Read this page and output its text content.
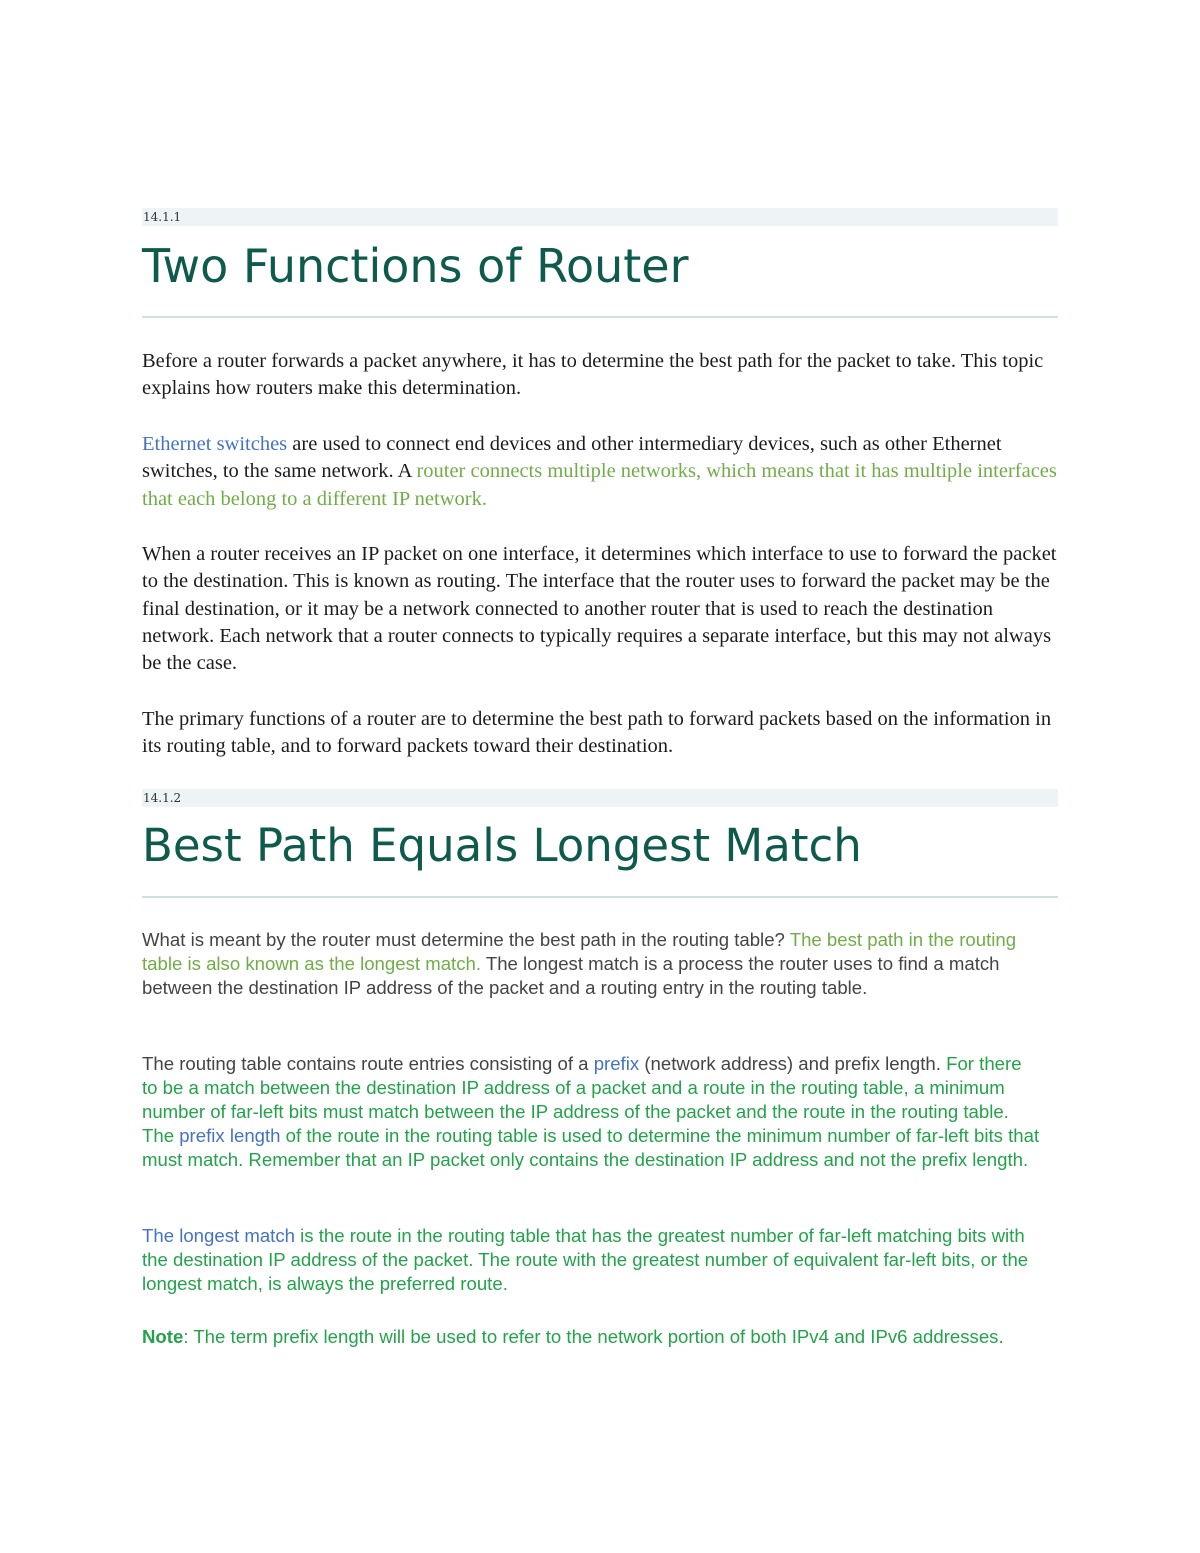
14.1.1
Two Functions of Router

Before a router forwards a packet anywhere, it has to determine the best path for the packet to take. This topic explains how routers make this determination.

Ethernet switches are used to connect end devices and other intermediary devices, such as other Ethernet switches, to the same network. A router connects multiple networks, which means that it has multiple interfaces that each belong to a different IP network.

When a router receives an IP packet on one interface, it determines which interface to use to forward the packet to the destination. This is known as routing. The interface that the router uses to forward the packet may be the final destination, or it may be a network connected to another router that is used to reach the destination network. Each network that a router connects to typically requires a separate interface, but this may not always be the case.

The primary functions of a router are to determine the best path to forward packets based on the information in its routing table, and to forward packets toward their destination.

14.1.2
Best Path Equals Longest Match

What is meant by the router must determine the best path in the routing table? The best path in the routing table is also known as the longest match. The longest match is a process the router uses to find a match between the destination IP address of the packet and a routing entry in the routing table.

The routing table contains route entries consisting of a prefix (network address) and prefix length. For there to be a match between the destination IP address of a packet and a route in the routing table, a minimum number of far-left bits must match between the IP address of the packet and the route in the routing table. The prefix length of the route in the routing table is used to determine the minimum number of far-left bits that must match. Remember that an IP packet only contains the destination IP address and not the prefix length.

The longest match is the route in the routing table that has the greatest number of far-left matching bits with the destination IP address of the packet. The route with the greatest number of equivalent far-left bits, or the longest match, is always the preferred route.

Note: The term prefix length will be used to refer to the network portion of both IPv4 and IPv6 addresses.
